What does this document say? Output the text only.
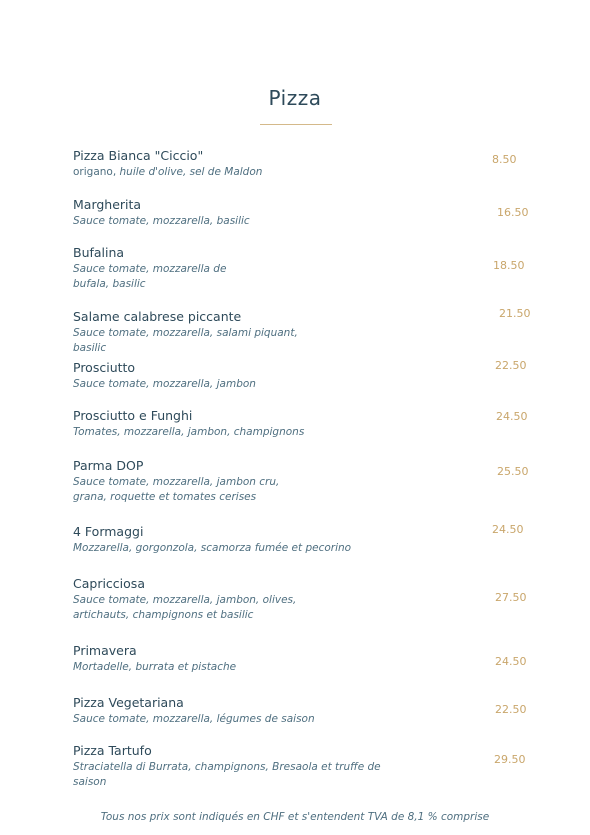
Pizza
Pizza Bianca "Ciccio"
origano, huile d'olive, sel de Maldon
8.50
Margherita
Sauce tomate, mozzarella, basilic
16.50
Bufalina
Sauce tomate, mozzarella de bufala, basilic
18.50
Salame calabrese piccante
Sauce tomate, mozzarella, salami piquant, basilic
21.50
Prosciutto
Sauce tomate, mozzarella, jambon
22.50
Prosciutto e Funghi
Tomates, mozzarella, jambon, champignons
24.50
Parma DOP
Sauce tomate, mozzarella, jambon cru, grana, roquette et tomates cerises
25.50
4 Formaggi
Mozzarella, gorgonzola, scamorza fumée et pecorino
24.50
Capricciosa
Sauce tomate, mozzarella, jambon, olives, artichauts, champignons et basilic
27.50
Primavera
Mortadelle, burrata et pistache	24.50
Pizza Vegetariana
Sauce tomate, mozzarella, légumes de saison
22.50
Pizza Tartufo
Straciatella di Burrata, champignons, Bresaola et truffe de saison
29.50
Tous nos prix sont indiqués en CHF et s'entendent TVA de 8,1 % comprise
